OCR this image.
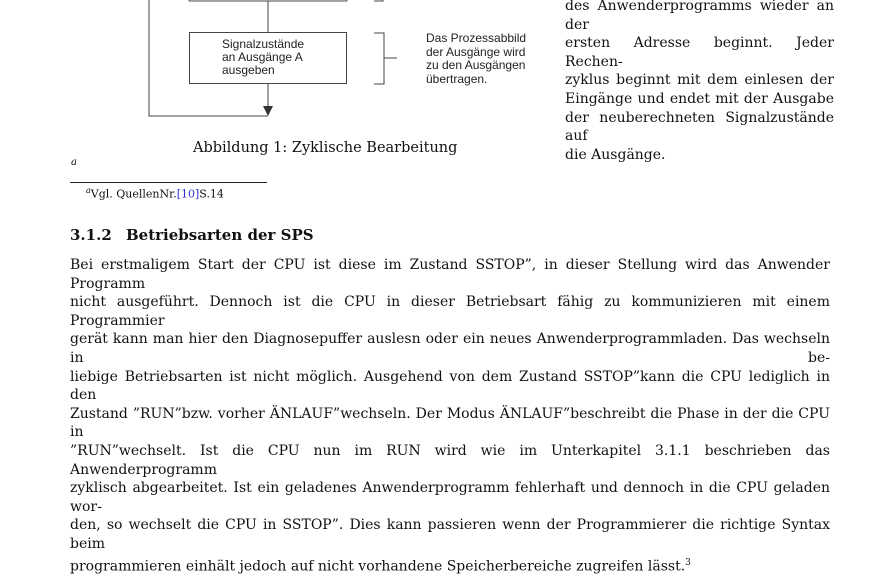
Signalzustände
an Ausgänge A
ausgeben
Das Prozessabbild
der Ausgänge wird
zu den Ausgängen
übertragen.
des Anwenderprogramms wieder an der
ersten Adresse beginnt. Jeder Rechen-
zyklus beginnt mit dem einlesen der
Eingänge und endet mit der Ausgabe
der neuberechneten Signalzustände auf
die Ausgänge.
Abbildung 1: Zyklische Bearbeitung
a
$^a$Vgl. QuellenNr.[10]S.14
3.1.2 Betriebsarten der SPS
Bei erstmaligem Start der CPU ist diese im Zustand SSTOP”, in dieser Stellung wird das Anwender Programm
nicht ausgeführt. Dennoch ist die CPU in dieser Betriebsart fähig zu kommunizieren mit einem Programmier
gerät kann man hier den Diagnosepuffer auslesn oder ein neues Anwenderprogrammladen. Das wechseln in be-
liebige Betriebsarten ist nicht möglich. Ausgehend von dem Zustand SSTOP”kann die CPU lediglich in den
Zustand ”RUN”bzw. vorher ÄNLAUF”wechseln. Der Modus ÄNLAUF”beschreibt die Phase in der die CPU in
”RUN”wechselt. Ist die CPU nun im RUN wird wie im Unterkapitel 3.1.1 beschrieben das Anwenderprogramm
zyklisch abgearbeitet. Ist ein geladenes Anwenderprogramm fehlerhaft und dennoch in die CPU geladen wor-
den, so wechselt die CPU in SSTOP”. Dies kann passieren wenn der Programmierer die richtige Syntax beim
programmieren einhält jedoch auf nicht vorhandene Speicherbereiche zugreifen lässt.$^3$
